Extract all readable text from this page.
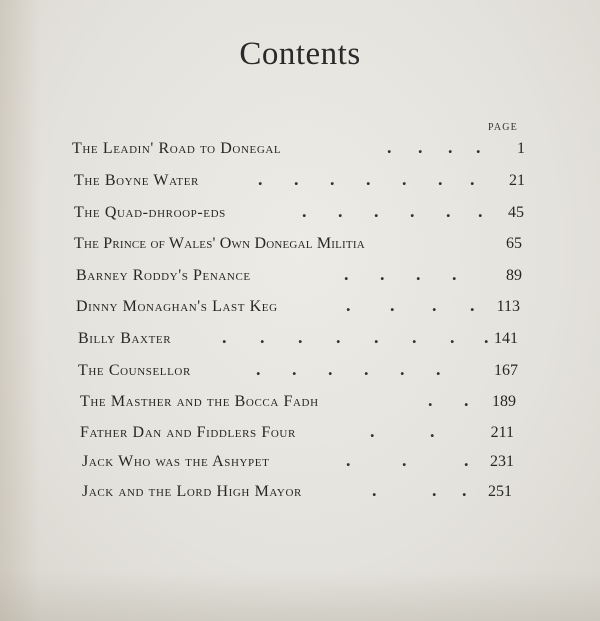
Contents
PAGE
The Leadin' Road to Donegal	. . . .	1
The Boyne Water	. . . . . . .	21
The Quad-dhroop-eds	. . . . . .	45
The Prince of Wales' Own Donegal Militia	65
Barney Roddy's Penance	. . . .	89
Dinny Monaghan's Last Keg	. . . .	113
Billy Baxter	. . . . . . . . 141
The Counsellor	. . . . . .	167
The Masther and the Bocca Fadh	. .	189
Father Dan and Fiddlers Four	.	.	211
Jack Who was the Ashypet	.	.	.	231
Jack and the Lord High Mayor	.	. .	251
